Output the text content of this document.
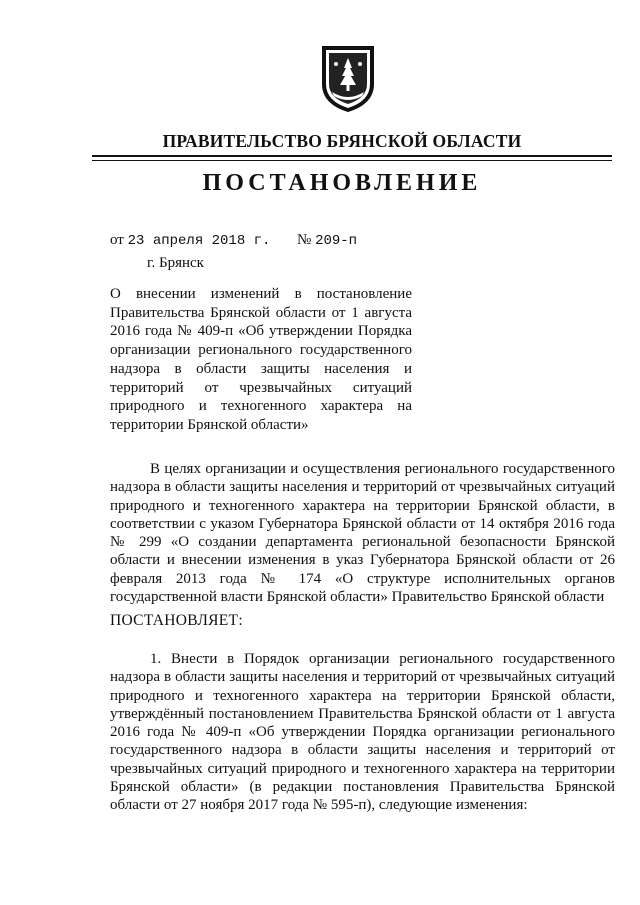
ПРАВИТЕЛЬСТВО БРЯНСКОЙ ОБЛАСТИ
ПОСТАНОВЛЕНИЕ
от 23 апреля 2018 г. № 209-п
г. Брянск
О внесении изменений в постановление Правительства Брянской области от 1 августа 2016 года № 409-п «Об утверждении Порядка организации регионального государственного надзора в области защиты населения и территорий от чрезвычайных ситуаций природного и техногенного характера на территории Брянской области»
В целях организации и осуществления регионального государственного надзора в области защиты населения и территорий от чрезвычайных ситуаций природного и техногенного характера на территории Брянской области, в соответствии с указом Губернатора Брянской области от 14 октября 2016 года № 299 «О создании департамента региональной безопасности Брянской области и внесении изменения в указ Губернатора Брянской области от 26 февраля 2013 года № 174 «О структуре исполнительных органов государственной власти Брянской области» Правительство Брянской области
ПОСТАНОВЛЯЕТ:
1. Внести в Порядок организации регионального государственного надзора в области защиты населения и территорий от чрезвычайных ситуаций природного и техногенного характера на территории Брянской области, утверждённый постановлением Правительства Брянской области от 1 августа 2016 года № 409-п «Об утверждении Порядка организации регионального государственного надзора в области защиты населения и территорий от чрезвычайных ситуаций природного и техногенного характера на территории Брянской области» (в редакции постановления Правительства Брянской области от 27 ноября 2017 года № 595-п), следующие изменения:
